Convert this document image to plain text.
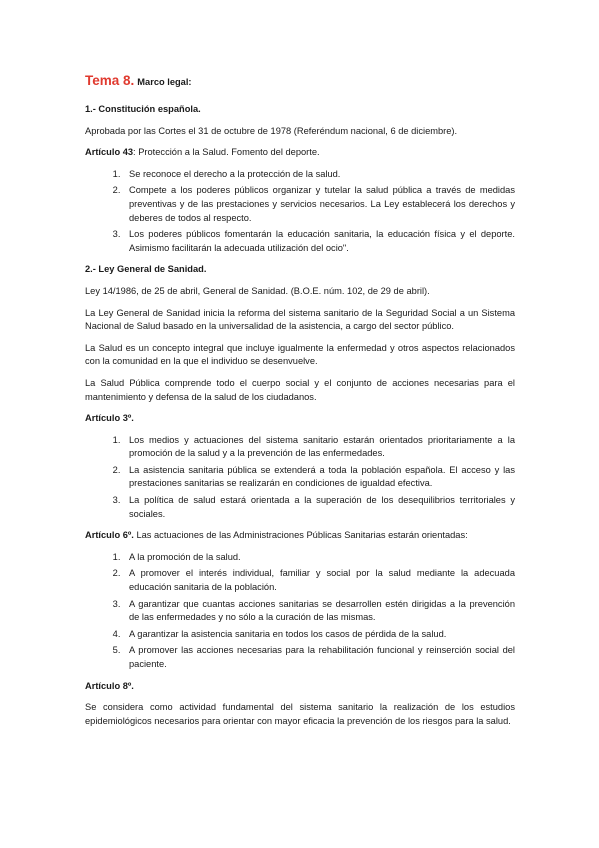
Tema 8. Marco legal:
1.- Constitución española.

Aprobada por las Cortes el 31 de octubre de 1978 (Referéndum nacional, 6 de diciembre).

Artículo 43: Protección a la Salud. Fomento del deporte.

1. Se reconoce el derecho a la protección de la salud.
2. Compete a los poderes públicos organizar y tutelar la salud pública a través de medidas preventivas y de las prestaciones y servicios necesarios. La Ley establecerá los derechos y deberes de todos al respecto.
3. Los poderes públicos fomentarán la educación sanitaria, la educación física y el deporte. Asimismo facilitarán la adecuada utilización del ocio".
2.- Ley General de Sanidad.

Ley 14/1986, de 25 de abril, General de Sanidad. (B.O.E. núm. 102, de 29 de abril).

La Ley General de Sanidad inicia la reforma del sistema sanitario de la Seguridad Social a un Sistema Nacional de Salud basado en la universalidad de la asistencia, a cargo del sector público.

La Salud es un concepto integral que incluye igualmente la enfermedad y otros aspectos relacionados con la comunidad en la que el individuo se desenvuelve.

La Salud Pública comprende todo el cuerpo social y el conjunto de acciones necesarias para el mantenimiento y defensa de la salud de los ciudadanos.

Artículo 3º.

1. Los medios y actuaciones del sistema sanitario estarán orientados prioritariamente a la promoción de la salud y a la prevención de las enfermedades.
2. La asistencia sanitaria pública se extenderá a toda la población española. El acceso y las prestaciones sanitarias se realizarán en condiciones de igualdad efectiva.
3. La política de salud estará orientada a la superación de los desequilibrios territoriales y sociales.

Artículo 6º. Las actuaciones de las Administraciones Públicas Sanitarias estarán orientadas:

1. A la promoción de la salud.
2. A promover el interés individual, familiar y social por la salud mediante la adecuada educación sanitaria de la población.
3. A garantizar que cuantas acciones sanitarias se desarrollen estén dirigidas a la prevención de las enfermedades y no sólo a la curación de las mismas.
4. A garantizar la asistencia sanitaria en todos los casos de pérdida de la salud.
5. A promover las acciones necesarias para la rehabilitación funcional y reinserción social del paciente.

Artículo 8º.

Se considera como actividad fundamental del sistema sanitario la realización de los estudios epidemiológicos necesarios para orientar con mayor eficacia la prevención de los riesgos para la salud.
